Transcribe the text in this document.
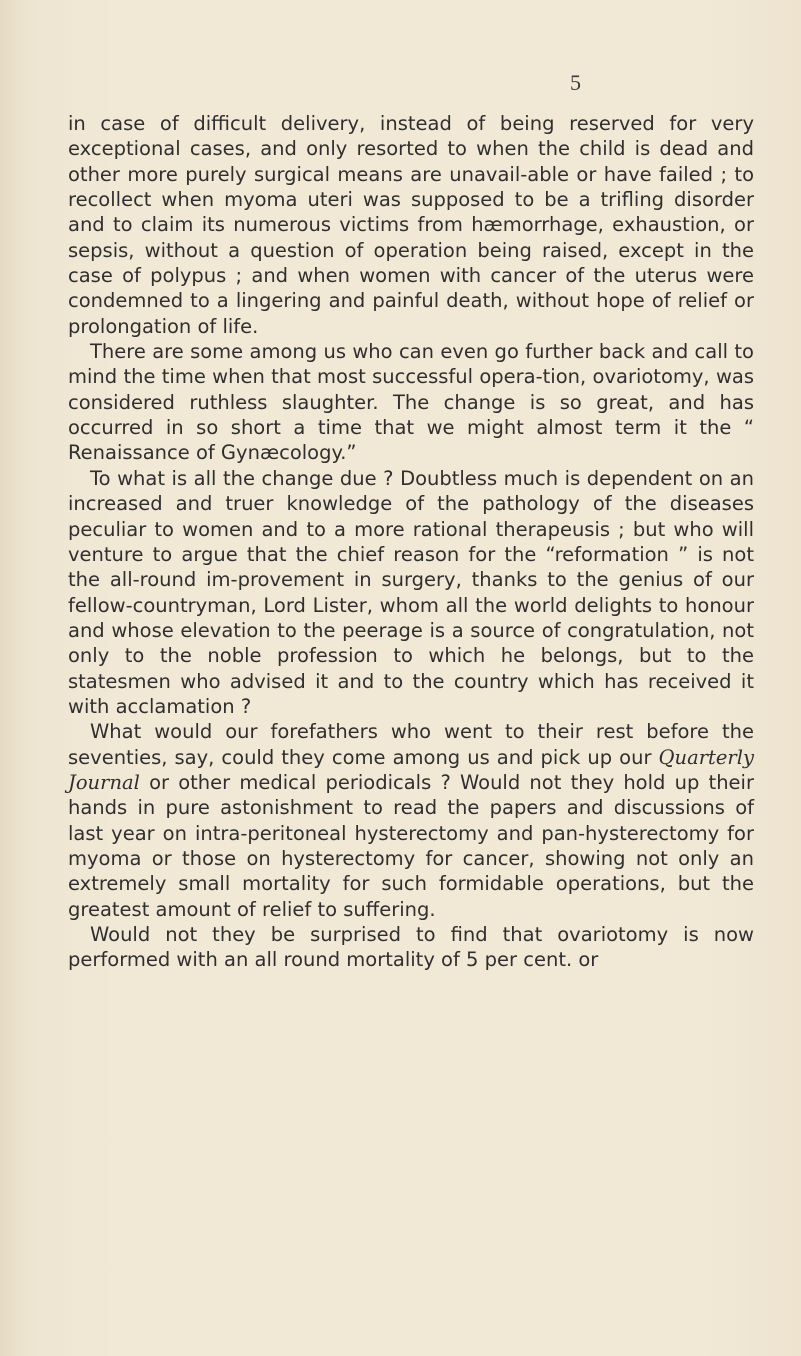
5

in case of difficult delivery, instead of being reserved for very exceptional cases, and only resorted to when the child is dead and other more purely surgical means are unavail-able or have failed ; to recollect when myoma uteri was supposed to be a trifling disorder and to claim its numerous victims from hæmorrhage, exhaustion, or sepsis, without a question of operation being raised, except in the case of polypus ; and when women with cancer of the uterus were condemned to a lingering and painful death, without hope of relief or prolongation of life.

There are some among us who can even go further back and call to mind the time when that most successful opera-tion, ovariotomy, was considered ruthless slaughter. The change is so great, and has occurred in so short a time that we might almost term it the “ Renaissance of Gynæcology.”

To what is all the change due ? Doubtless much is dependent on an increased and truer knowledge of the pathology of the diseases peculiar to women and to a more rational therapeusis ; but who will venture to argue that the chief reason for the “reformation ” is not the all-round im-provement in surgery, thanks to the genius of our fellow-countryman, Lord Lister, whom all the world delights to honour and whose elevation to the peerage is a source of congratulation, not only to the noble profession to which he belongs, but to the statesmen who advised it and to the country which has received it with acclamation ?

What would our forefathers who went to their rest before the seventies, say, could they come among us and pick up our Quarterly Journal or other medical periodicals ? Would not they hold up their hands in pure astonishment to read the papers and discussions of last year on intra-peritoneal hysterectomy and pan-hysterectomy for myoma or those on hysterectomy for cancer, showing not only an extremely small mortality for such formidable operations, but the greatest amount of relief to suffering.

Would not they be surprised to find that ovariotomy is now performed with an all round mortality of 5 per cent. or
